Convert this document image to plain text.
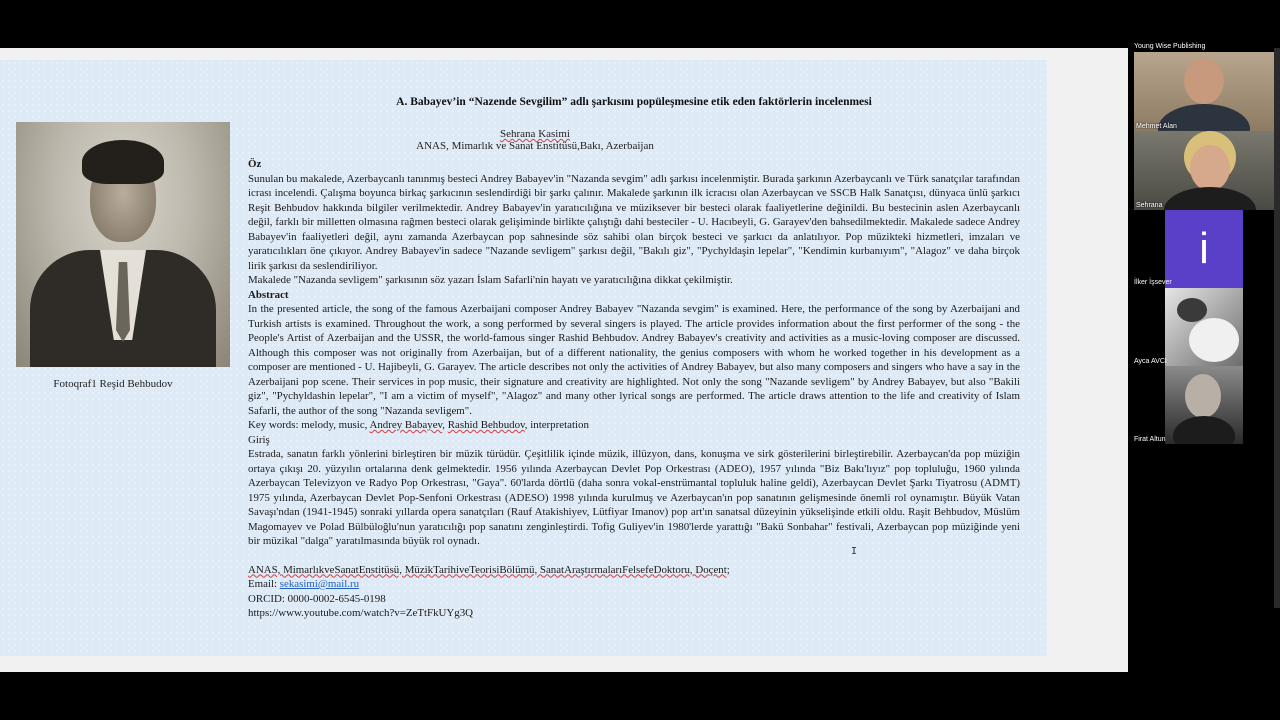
Fotoqraf1 Reşid Behbudov
A. Babayev’in “Nazende Sevgilim” adlı şarkısını popüleşmesine etik eden faktörlerin incelenmesi
Sehrana Kasimi
ANAS, Mimarlık ve Sanat Enstitüsü,Bakı, Azerbaijan

Öz

Sunulan bu makalede, Azerbaycanlı tanınmış besteci Andrey Babayev'in "Nazanda sevgim" adlı şarkısı incelenmiştir. Burada şarkının Azerbaycanlı ve Türk sanatçılar tarafından icrası incelendi. Çalışma boyunca birkaç şarkıcının seslendirdiği bir şarkı çalınır. Makalede şarkının ilk icracısı olan Azerbaycan ve SSCB Halk Sanatçısı, dünyaca ünlü şarkıcı Reşit Behbudov hakkında bilgiler verilmektedir. Andrey Babayev'in yaratıcılığına ve müziksever bir besteci olarak faaliyetlerine değinildi. Bu bestecinin aslen Azerbaycanlı değil, farklı bir milletten olmasına rağmen besteci olarak gelişiminde birlikte çalıştığı dahi besteciler - U. Hacıbeyli, G. Garayev'den bahsedilmektedir. Makalede sadece Andrey Babayev'in faaliyetleri değil, aynı zamanda Azerbaycan pop sahnesinde söz sahibi olan birçok besteci ve şarkıcı da anlatılıyor. Pop müzikteki hizmetleri, imzaları ve yaratıcılıkları öne çıkıyor. Andrey Babayev'in sadece "Nazande sevligem" şarkısı değil, "Bakılı giz", "Pychyldaşin lepelar", "Kendimin kurbanıyım", "Alagoz" ve daha birçok lirik şarkısı da seslendiriliyor.

Makalede "Nazanda sevligem" şarkısının söz yazarı İslam Safarli'nin hayatı ve yaratıcılığına dikkat çekilmiştir.

Abstract

In the presented article, the song of the famous Azerbaijani composer Andrey Babayev "Nazanda sevgim" is examined. Here, the performance of the song by Azerbaijani and Turkish artists is examined. Throughout the work, a song performed by several singers is played. The article provides information about the first performer of the song - the People's Artist of Azerbaijan and the USSR, the world-famous singer Rashid Behbudov. Andrey Babayev's creativity and activities as a music-loving composer are discussed. Although this composer was not originally from Azerbaijan, but of a different nationality, the genius composers with whom he worked together in his development as a composer are mentioned - U. Hajibeyli, G. Garayev. The article describes not only the activities of Andrey Babayev, but also many composers and singers who have a say in the Azerbaijani pop scene. Their services in pop music, their signature and creativity are highlighted. Not only the song "Nazande sevligem" by Andrey Babayev, but also "Bakili giz", "Pychyldashin lepelar", "I am a victim of myself", "Alagoz" and many other lyrical songs are performed. The article draws attention to the life and creativity of Islam Safarli, the author of the song "Nazanda sevligem".

Key words: melody, music, Andrey Babayev, Rashid Behbudov, interpretation

Giriş

Estrada, sanatın farklı yönlerini birleştiren bir müzik türüdür. Çeşitlilik içinde müzik, illüzyon, dans, konuşma ve sirk gösterilerini birleştirebilir. Azerbaycan'da pop müziğin ortaya çıkışı 20. yüzyılın ortalarına denk gelmektedir. 1956 yılında Azerbaycan Devlet Pop Orkestrası (ADEO), 1957 yılında "Biz Bakı'lıyız" pop topluluğu, 1960 yılında Azerbaycan Televizyon ve Radyo Pop Orkestrası, "Gaya". 60'larda dörtlü (daha sonra vokal-enstrümantal topluluk haline geldi), Azerbaycan Devlet Şarkı Tiyatrosu (ADMT) 1975 yılında, Azerbaycan Devlet Pop-Senfoni Orkestrası (ADESO) 1998 yılında kurulmuş ve Azerbaycan'ın pop sanatının gelişmesinde önemli rol oynamıştır. Büyük Vatan Savaşı'ndan (1941-1945) sonraki yıllarda opera sanatçıları (Rauf Atakishiyev, Lütfiyar Imanov) pop art'ın sanatsal düzeyinin yükselişinde etkili oldu. Raşit Behbudov, Müslüm Magomayev ve Polad Bülbüloğlu'nun yaratıcılığı pop sanatını zenginleştirdi. Tofig Guliyev'in 1980'lerde yarattığı "Bakü Sonbahar" festivali, Azerbaycan pop müziğinde yeni bir müzikal "dalga" yaratılmasında büyük rol oynadı.

ANAS, MimarlıkveSanatEnstitüsü, MüzikTarihiveTeorisiBölümü, SanatAraştırmalarıFelsefeDoktoru, Doçent;

Email: sekasimi@mail.ru

ORCID: 0000-0002-6545-0198

https://www.youtube.com/watch?v=ZeTtFkUYg3Q

I
Young Wise Publishing
Mehmet Alan
Sehrana
i
İlker İşsever
Ayca AVCI
Firat Altun
